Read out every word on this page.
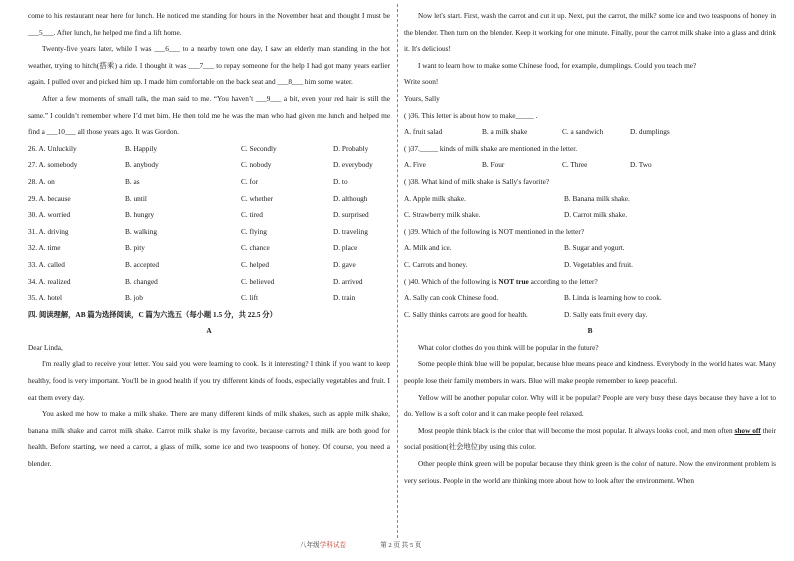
come to his restaurant near here for lunch. He noticed me standing for hours in the November heat and thought I must be ___5___. After lunch, he helped me find a lift home.
Twenty-five years later, while I was ___6___ to a nearby town one day, I saw an elderly man standing in the hot weather, trying to hitch(搭乘) a ride. I thought it was ___7___ to repay someone for the help I had got many years earlier again. I pulled over and picked him up. I made him comfortable on the back seat and ___8___ him some water.
After a few moments of small talk, the man said to me. “You haven’t ___9___ a bit, even your red hair is still the same.” I couldn’t remember where I’d met him. He then told me he was the man who had given me lunch and helped me find a ___10___ all those years ago. It was Gordon.
26. A. Unluckily	B. Happily	C. Secondly	D. Probably
27. A. somebody	B. anybody	C. nobody	D. everybody
28. A. on	B. as	C. for	D. to
29. A. because	B. until	C. whether	D. although
30. A. worried	B. hungry	C. tired	D. surprised
31. A. driving	B. walking	C. flying	D. traveling
32. A. time	B. pity	C. chance	D. place
33. A. called	B. accepted	C. helped	D. gave
34. A. realized	B. changed	C. believed	D. arrived
35. A. hotel	B. job	C. lift	D. train
四. 阅读理解，AB 篇为选择阅读，C 篇为六选五（每小题 1.5 分，共 22.5 分）
A
Dear Linda,
I'm really glad to receive your letter. You said you were learning to cook. Is it interesting? I think if you want to keep healthy, food is very important. You'll be in good health if you try different kinds of foods, especially vegetables and fruit. I eat them every day.
You asked me how to make a milk shake. There are many different kinds of milk shakes, such as apple milk shake, banana milk shake and carrot milk shake. Carrot milk shake is my favorite, because carrots and milk are both good for health. Before starting, we need a carrot, a glass of milk, some ice and two teaspoons of honey. Of course, you need a blender.
Now let's start. First, wash the carrot and cut it up. Next, put the carrot, the milk? some ice and two teaspoons of honey in the blender. Then turn on the blender. Keep it working for one minute. Finally, pour the carrot milk shake into a glass and drink it. It's delicious!
I want to learn how to make some Chinese food, for example, dumplings. Could you teach me?
Write soon!
Yours, Sally
( )36. This letter is about how to make_____ .
A. fruit salad	B. a milk shake	C. a sandwich	D. dumplings
( )37._____ kinds of milk shake are mentioned in the letter.
A. Five	B. Four	C. Three	D. Two
( )38. What kind of milk shake is Sally's favorite?
A. Apple milk shake.	B. Banana milk shake.
C. Strawberry milk shake.	D. Carrot milk shake.
( )39. Which of the following is NOT mentioned in the letter?
A. Milk and ice.	B. Sugar and yogurt.
C. Carrots and honey.	D. Vegetables and fruit.
( )40. Which of the following is NOT true according to the letter?
A. Sally can cook Chinese food.	B. Linda is learning how to cook.
C. Sally thinks carrots are good for health.	D. Sally eats fruit every day.
B
What color clothes do you think will be popular in the future?
Some people think blue will be popular, because blue means peace and kindness. Everybody in the world hates war. Many people lose their family members in wars. Blue will make people remember to keep peaceful.
Yellow will be another popular color. Why will it be popular? People are very busy these days because they have a lot to do. Yellow is a soft color and it can make people feel relaxed.
Most people think black is the color that will become the most popular. It always looks cool, and men often show off their social position(社会地位)by using this color.
Other people think green will be popular because they think green is the color of nature. Now the environment problem is very serious. People in the world are thinking more about how to look after the environment. When
八年级学科试卷	第 2 页 共 5 页
